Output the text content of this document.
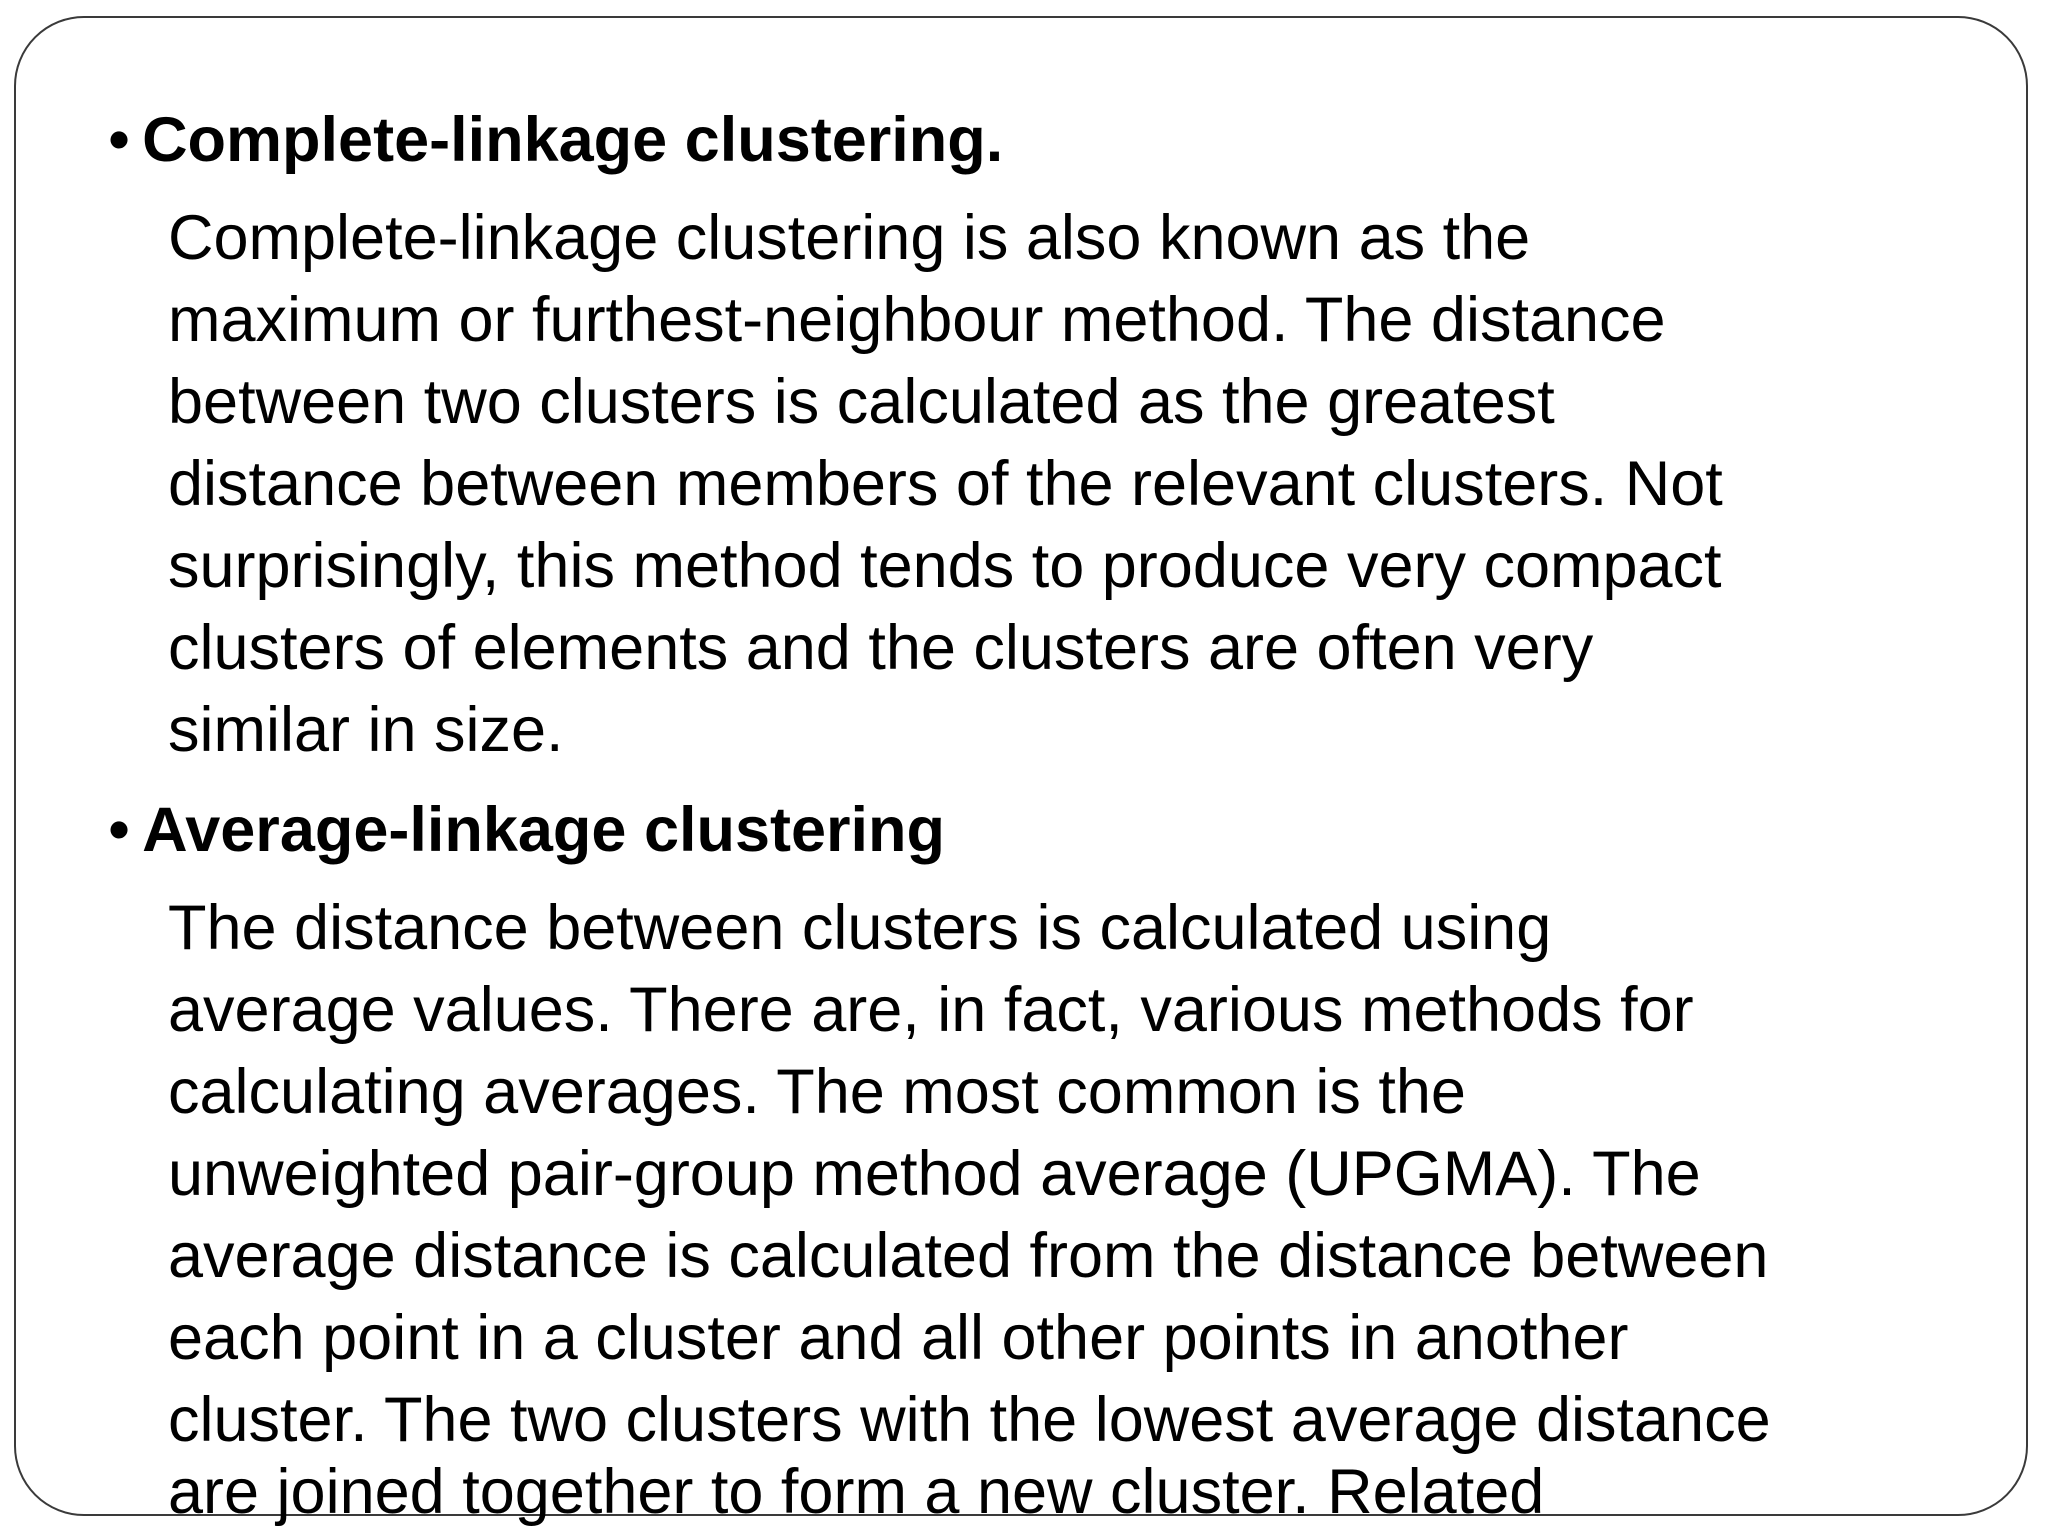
• Complete-linkage clustering.
Complete-linkage clustering is also known as the
maximum or furthest-neighbour method. The distance
between two clusters is calculated as the greatest
distance between members of the relevant clusters. Not
surprisingly, this method tends to produce very compact
clusters of elements and the clusters are often very
similar in size.
• Average-linkage clustering
The distance between clusters is calculated using
average values. There are, in fact, various methods for
calculating averages. The most common is the
unweighted pair-group method average (UPGMA). The
average distance is calculated from the distance between
each point in a cluster and all other points in another
cluster. The two clusters with the lowest average distance
are joined together to form a new cluster. Related
